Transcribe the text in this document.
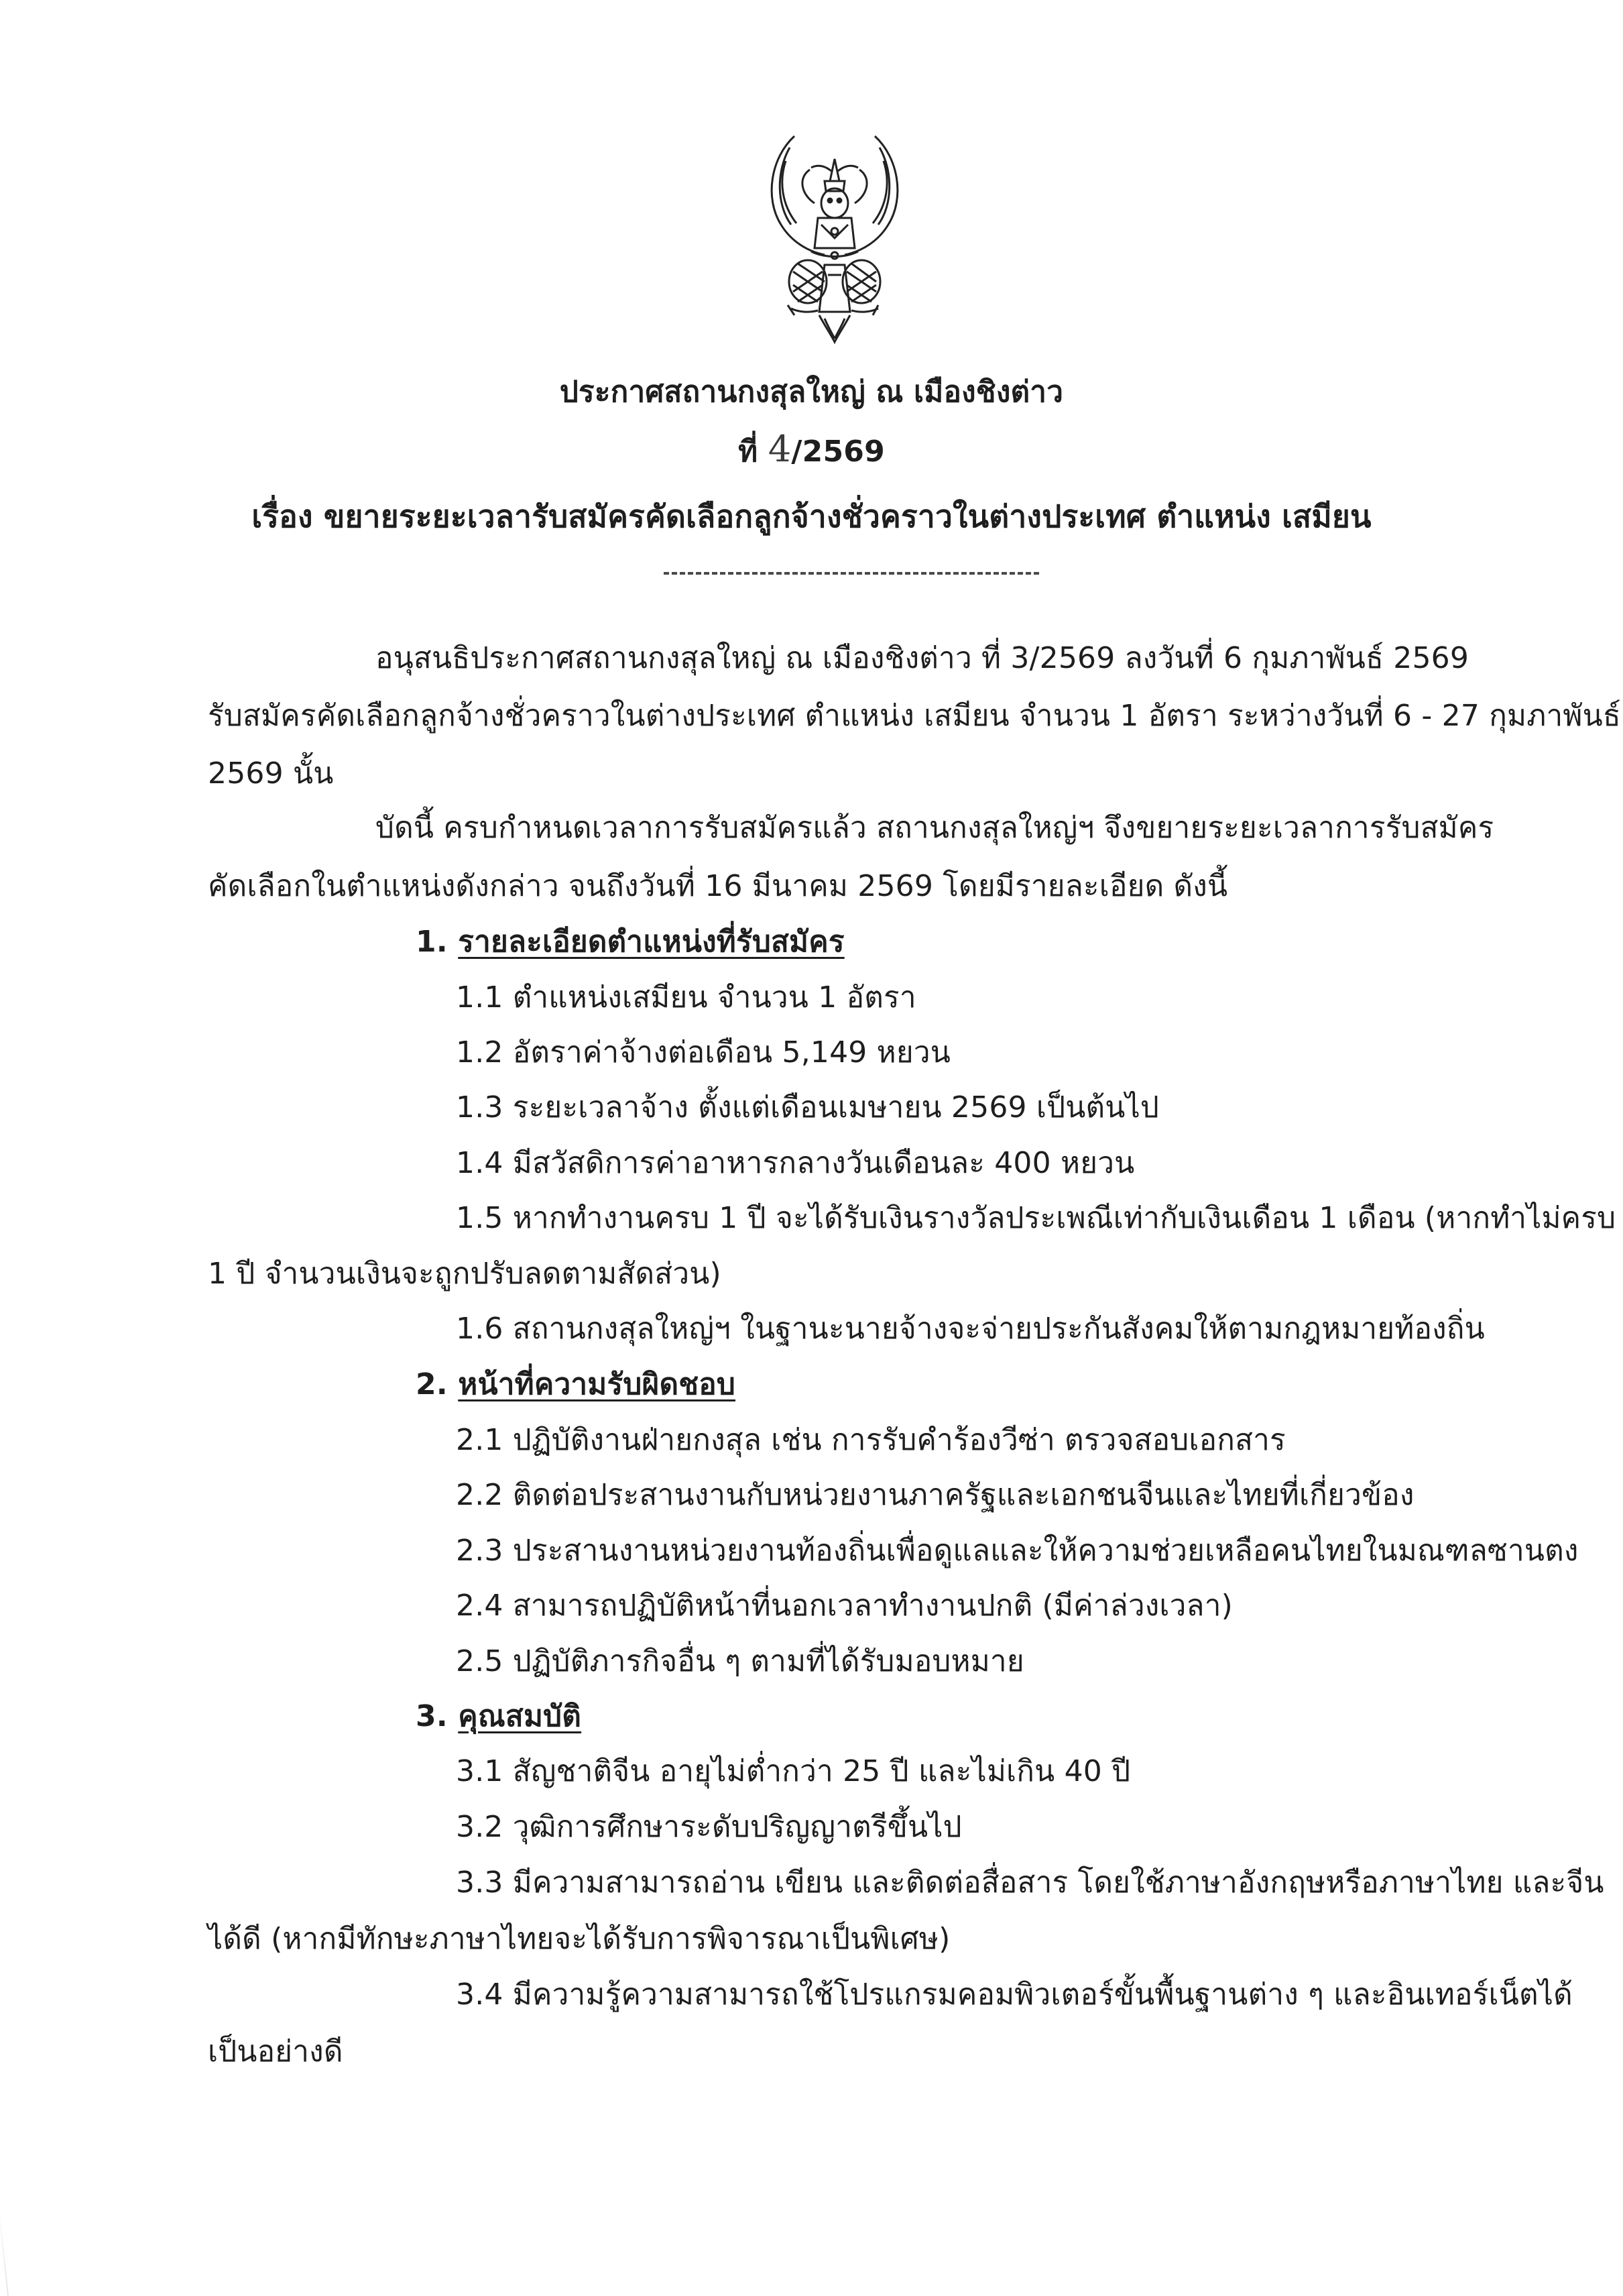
ประกาศสถานกงสุลใหญ่ ณ เมืองชิงต่าว
ที่ 4/2569
เรื่อง ขยายระยะเวลารับสมัครคัดเลือกลูกจ้างชั่วคราวในต่างประเทศ ตำแหน่ง เสมียน
อนุสนธิประกาศสถานกงสุลใหญ่ ณ เมืองชิงต่าว ที่ 3/2569 ลงวันที่ 6 กุมภาพันธ์ 2569
รับสมัครคัดเลือกลูกจ้างชั่วคราวในต่างประเทศ ตำแหน่ง เสมียน จำนวน 1 อัตรา ระหว่างวันที่ 6 - 27 กุมภาพันธ์
2569 นั้น
บัดนี้ ครบกำหนดเวลาการรับสมัครแล้ว สถานกงสุลใหญ่ฯ จึงขยายระยะเวลาการรับสมัคร
คัดเลือกในตำแหน่งดังกล่าว จนถึงวันที่ 16 มีนาคม 2569 โดยมีรายละเอียด ดังนี้
1. รายละเอียดตำแหน่งที่รับสมัคร
1.1 ตำแหน่งเสมียน จำนวน 1 อัตรา
1.2 อัตราค่าจ้างต่อเดือน 5,149 หยวน
1.3 ระยะเวลาจ้าง ตั้งแต่เดือนเมษายน 2569 เป็นต้นไป
1.4 มีสวัสดิการค่าอาหารกลางวันเดือนละ 400 หยวน
1.5 หากทำงานครบ 1 ปี จะได้รับเงินรางวัลประเพณีเท่ากับเงินเดือน 1 เดือน (หากทำไม่ครบ
1 ปี จำนวนเงินจะถูกปรับลดตามสัดส่วน)
1.6 สถานกงสุลใหญ่ฯ ในฐานะนายจ้างจะจ่ายประกันสังคมให้ตามกฎหมายท้องถิ่น
2. หน้าที่ความรับผิดชอบ
2.1 ปฏิบัติงานฝ่ายกงสุล เช่น การรับคำร้องวีซ่า ตรวจสอบเอกสาร
2.2 ติดต่อประสานงานกับหน่วยงานภาครัฐและเอกชนจีนและไทยที่เกี่ยวข้อง
2.3 ประสานงานหน่วยงานท้องถิ่นเพื่อดูแลและให้ความช่วยเหลือคนไทยในมณฑลซานตง
2.4 สามารถปฏิบัติหน้าที่นอกเวลาทำงานปกติ (มีค่าล่วงเวลา)
2.5 ปฏิบัติภารกิจอื่น ๆ ตามที่ได้รับมอบหมาย
3. คุณสมบัติ
3.1 สัญชาติจีน อายุไม่ต่ำกว่า 25 ปี และไม่เกิน 40 ปี
3.2 วุฒิการศึกษาระดับปริญญาตรีขึ้นไป
3.3 มีความสามารถอ่าน เขียน และติดต่อสื่อสาร โดยใช้ภาษาอังกฤษหรือภาษาไทย และจีน
ได้ดี (หากมีทักษะภาษาไทยจะได้รับการพิจารณาเป็นพิเศษ)
3.4 มีความรู้ความสามารถใช้โปรแกรมคอมพิวเตอร์ขั้นพื้นฐานต่าง ๆ และอินเทอร์เน็ตได้
เป็นอย่างดี
